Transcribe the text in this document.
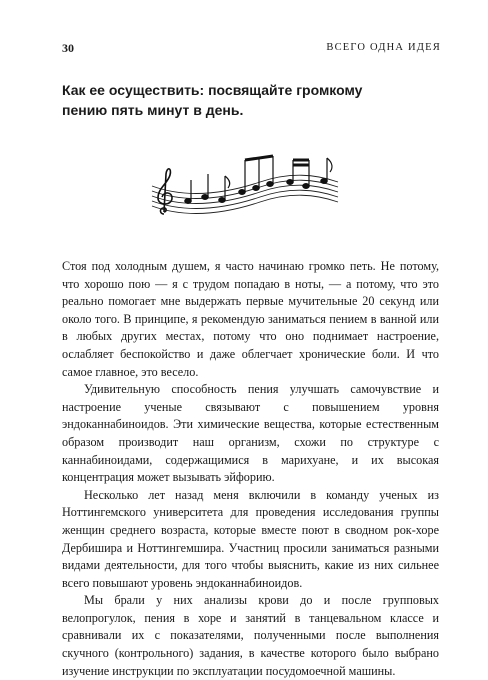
30	ВСЕГО ОДНА ИДЕЯ
Как ее осуществить: посвящайте громкому пению пять минут в день.

Стоя под холодным душем, я часто начинаю громко петь. Не потому, что хорошо пою — я с трудом попадаю в ноты, — а потому, что это реально помогает мне выдержать первые мучительные 20 секунд или около того. В принципе, я рекомендую заниматься пением в ванной или в любых других местах, потому что оно поднимает настроение, ослабляет беспокойство и даже облегчает хронические боли. И что самое главное, это весело.

Удивительную способность пения улучшать самочувствие и настроение ученые связывают с повышением уровня эндоканнабиноидов. Эти химические вещества, которые естественным образом производит наш организм, схожи по структуре с каннабиноидами, содержащимися в марихуане, и их высокая концентрация может вызывать эйфорию.

Несколько лет назад меня включили в команду ученых из Ноттингемского университета для проведения исследования группы женщин среднего возраста, которые вместе поют в сводном рок-хоре Дербишира и Ноттингемшира. Участниц просили заниматься разными видами деятельности, для того чтобы выяснить, какие из них сильнее всего повышают уровень эндоканнабиноидов.

Мы брали у них анализы крови до и после групповых велопрогулок, пения в хоре и занятий в танцевальном классе и сравнивали их с показателями, полученными после выполнения скучного (контрольного) задания, в качестве которого было выбрано изучение инструкции по эксплуатации посудомоечной машины.
